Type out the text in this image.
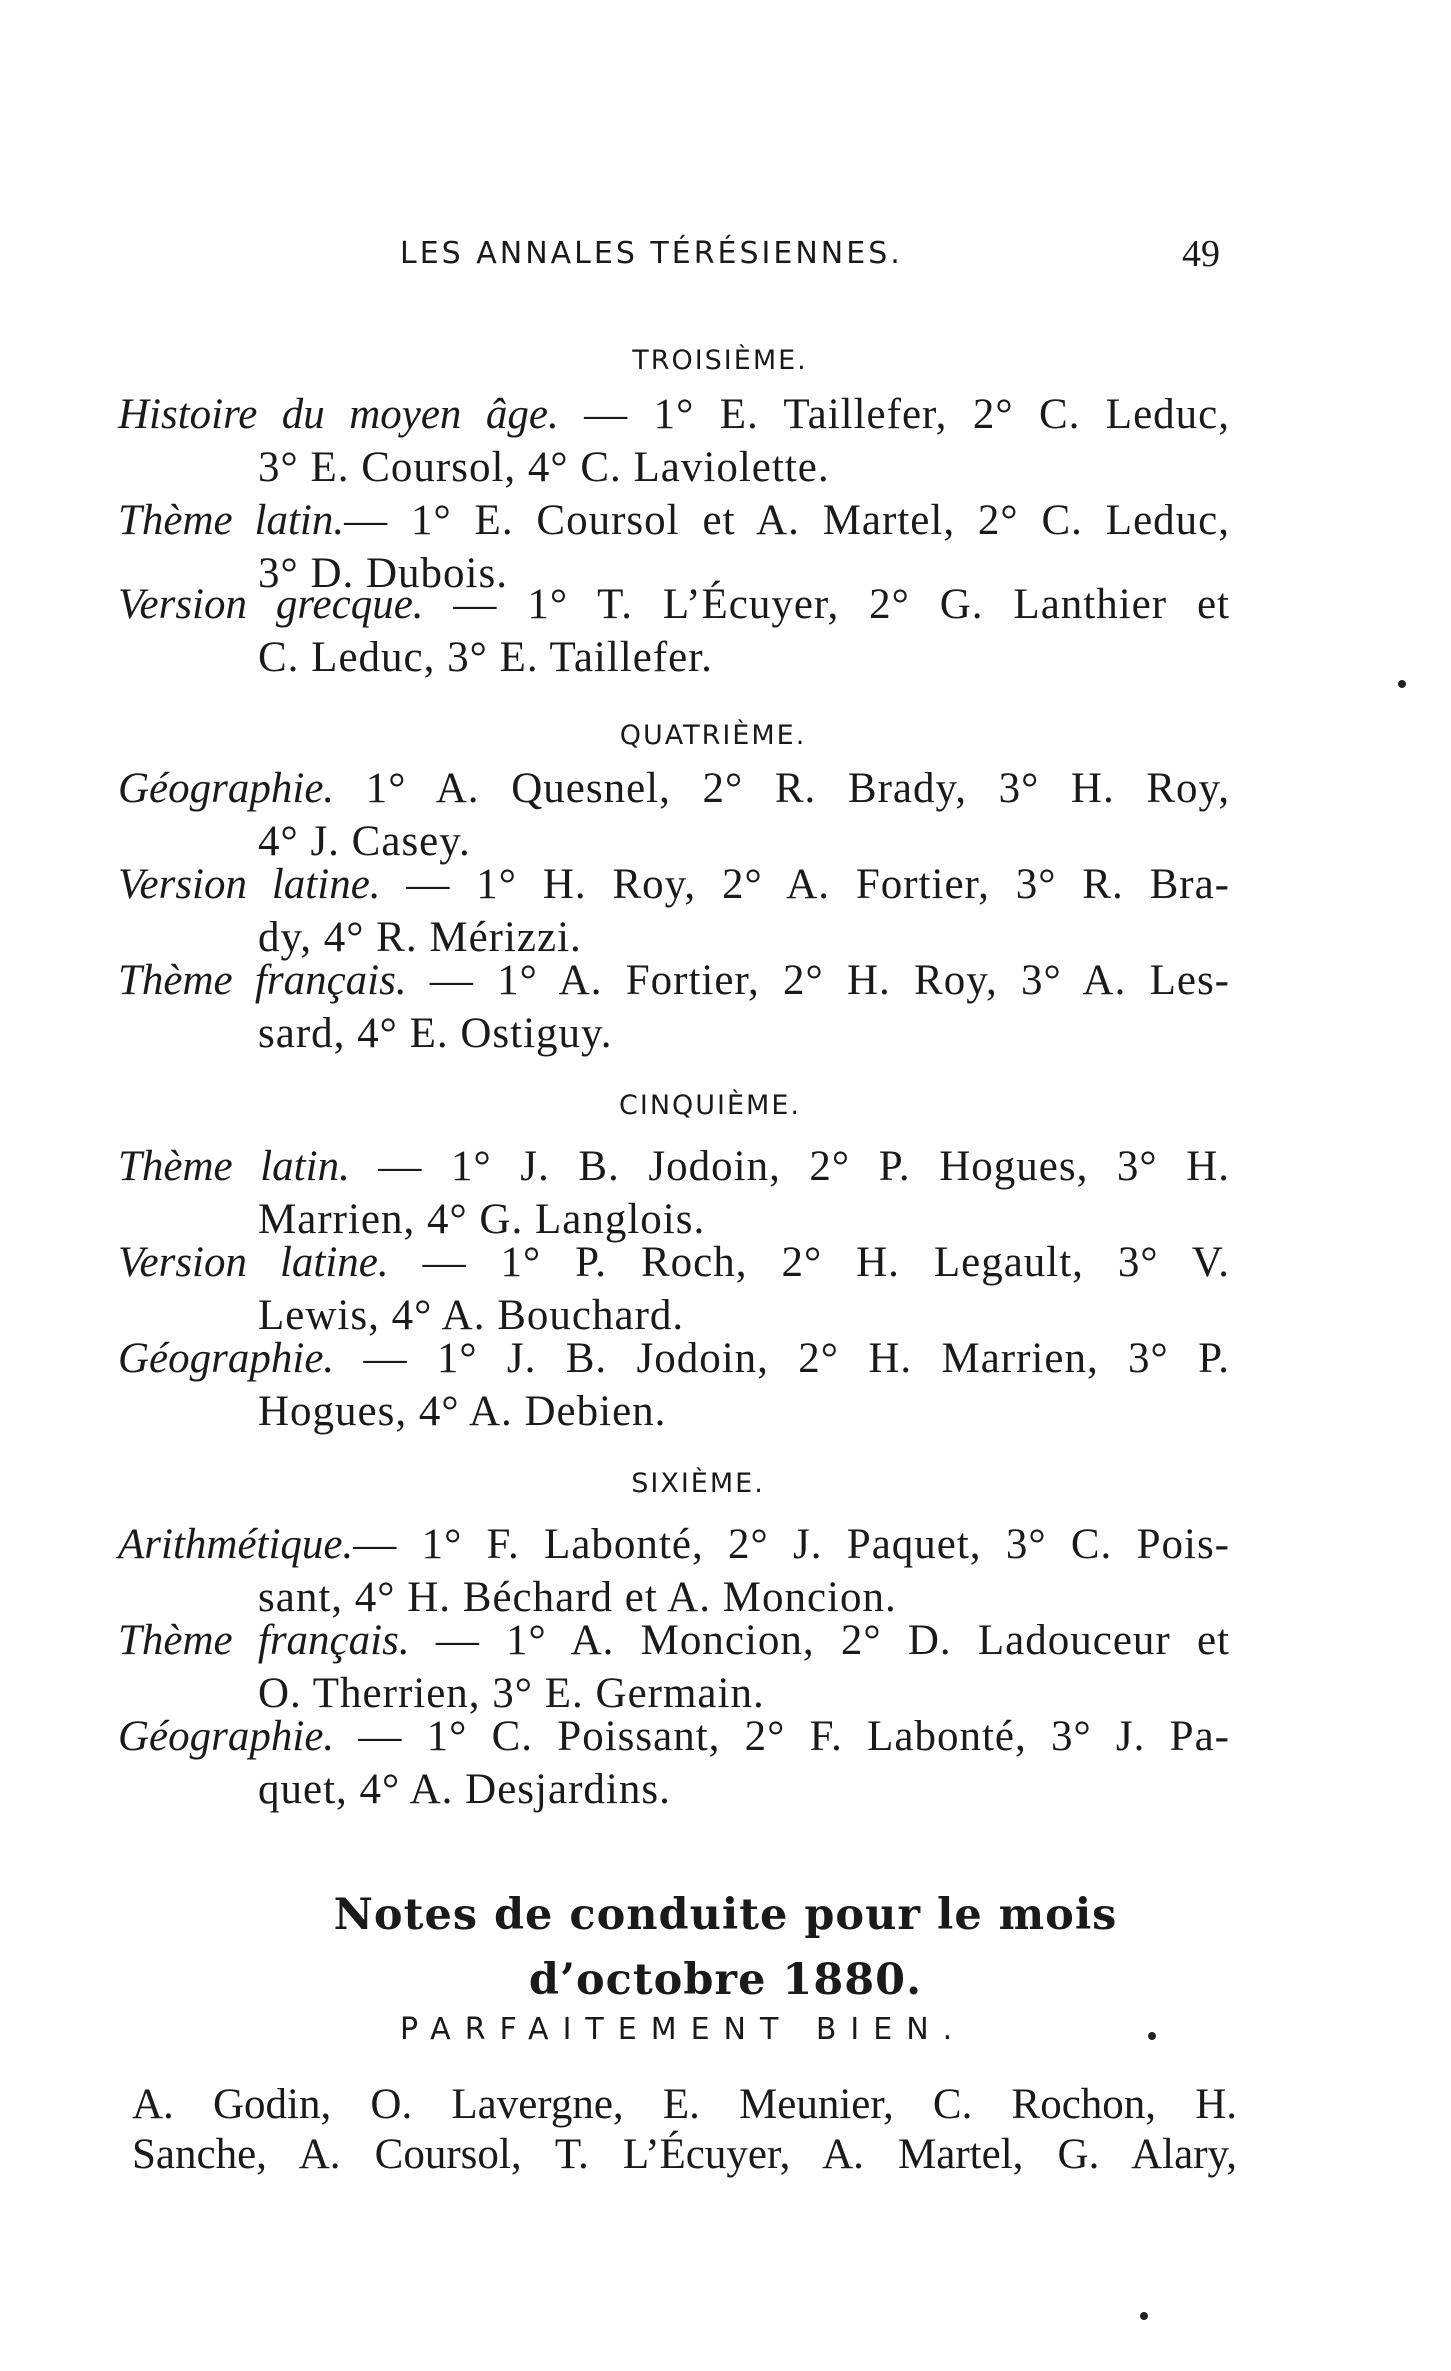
LES ANNALES TÉRÉSIENNES.	49
TROISIÈME.
Histoire du moyen âge. — 1° E. Taillefer, 2° C. Leduc,
3° E. Coursol, 4° C. Laviolette.
Thème latin.— 1° E. Coursol et A. Martel, 2° C. Leduc,
3° D. Dubois.
Version grecque. — 1° T. L’Écuyer, 2° G. Lanthier et
C. Leduc, 3° E. Taillefer.
QUATRIÈME.
Géographie. 1° A. Quesnel, 2° R. Brady, 3° H. Roy,
4° J. Casey.
Version latine. — 1° H. Roy, 2° A. Fortier, 3° R. Bra-
dy, 4° R. Mérizzi.
Thème français. — 1° A. Fortier, 2° H. Roy, 3° A. Les-
sard, 4° E. Ostiguy.
CINQUIÈME.
Thème latin. — 1° J. B. Jodoin, 2° P. Hogues, 3° H.
Marrien, 4° G. Langlois.
Version latine. — 1° P. Roch, 2° H. Legault, 3° V.
Lewis, 4° A. Bouchard.
Géographie. — 1° J. B. Jodoin, 2° H. Marrien, 3° P.
Hogues, 4° A. Debien.
SIXIÈME.
Arithmétique.— 1° F. Labonté, 2° J. Paquet, 3° C. Pois-
sant, 4° H. Béchard et A. Moncion.
Thème français. — 1° A. Moncion, 2° D. Ladouceur et
O. Therrien, 3° E. Germain.
Géographie. — 1° C. Poissant, 2° F. Labonté, 3° J. Pa-
quet, 4° A. Desjardins.
Notes de conduite pour le mois
d’octobre 1880.
PARFAITEMENT BIEN.
A. Godin, O. Lavergne, E. Meunier, C. Rochon, H.
Sanche, A. Coursol, T. L’Écuyer, A. Martel, G. Alary,
